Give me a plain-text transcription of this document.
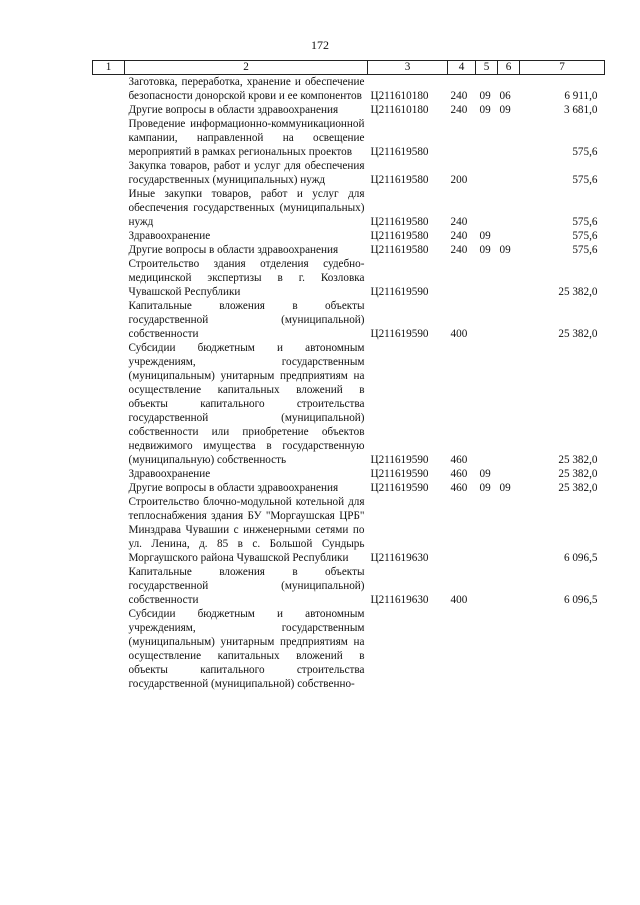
172
1	2	3	4	5	6	7
	Заготовка, переработка, хранение и обеспечение безопасности донорской крови и ее компонентов	Ц211610180	240	09	06	6 911,0
	Другие вопросы в области здравоохранения	Ц211610180	240	09	09	3 681,0
	Проведение информационно-коммуникационной кампании, направленной на освещение мероприятий в рамках региональных проектов	Ц211619580				575,6
	Закупка товаров, работ и услуг для обеспечения государственных (муниципальных) нужд	Ц211619580	200			575,6
	Иные закупки товаров, работ и услуг для обеспечения государственных (муниципальных) нужд	Ц211619580	240			575,6
	Здравоохранение	Ц211619580	240	09		575,6
	Другие вопросы в области здравоохранения	Ц211619580	240	09	09	575,6
	Строительство здания отделения судебно-медицинской экспертизы в г. Козловка Чувашской Республики	Ц211619590				25 382,0
	Капитальные вложения в объекты государственной (муниципальной) собственности	Ц211619590	400			25 382,0
	Субсидии бюджетным и автономным учреждениям, государственным (муниципальным) унитарным предприятиям на осуществление капитальных вложений в объекты капитального строительства государственной (муниципальной) собственности или приобретение объектов недвижимого имущества в государственную (муниципальную) собственность	Ц211619590	460			25 382,0
	Здравоохранение	Ц211619590	460	09		25 382,0
	Другие вопросы в области здравоохранения	Ц211619590	460	09	09	25 382,0
	Строительство блочно-модульной котельной для теплоснабжения здания БУ "Моргаушская ЦРБ" Минздрава Чувашии с инженерными сетями по ул. Ленина, д. 85 в с. Большой Сундырь Моргаушского района Чувашской Республики	Ц211619630				6 096,5
	Капитальные вложения в объекты государственной (муниципальной) собственности	Ц211619630	400			6 096,5
	Субсидии бюджетным и автономным учреждениям, государственным (муниципальным) унитарным предприятиям на осуществление капитальных вложений в объекты капитального строительства государственной (муниципальной) собственно-					
